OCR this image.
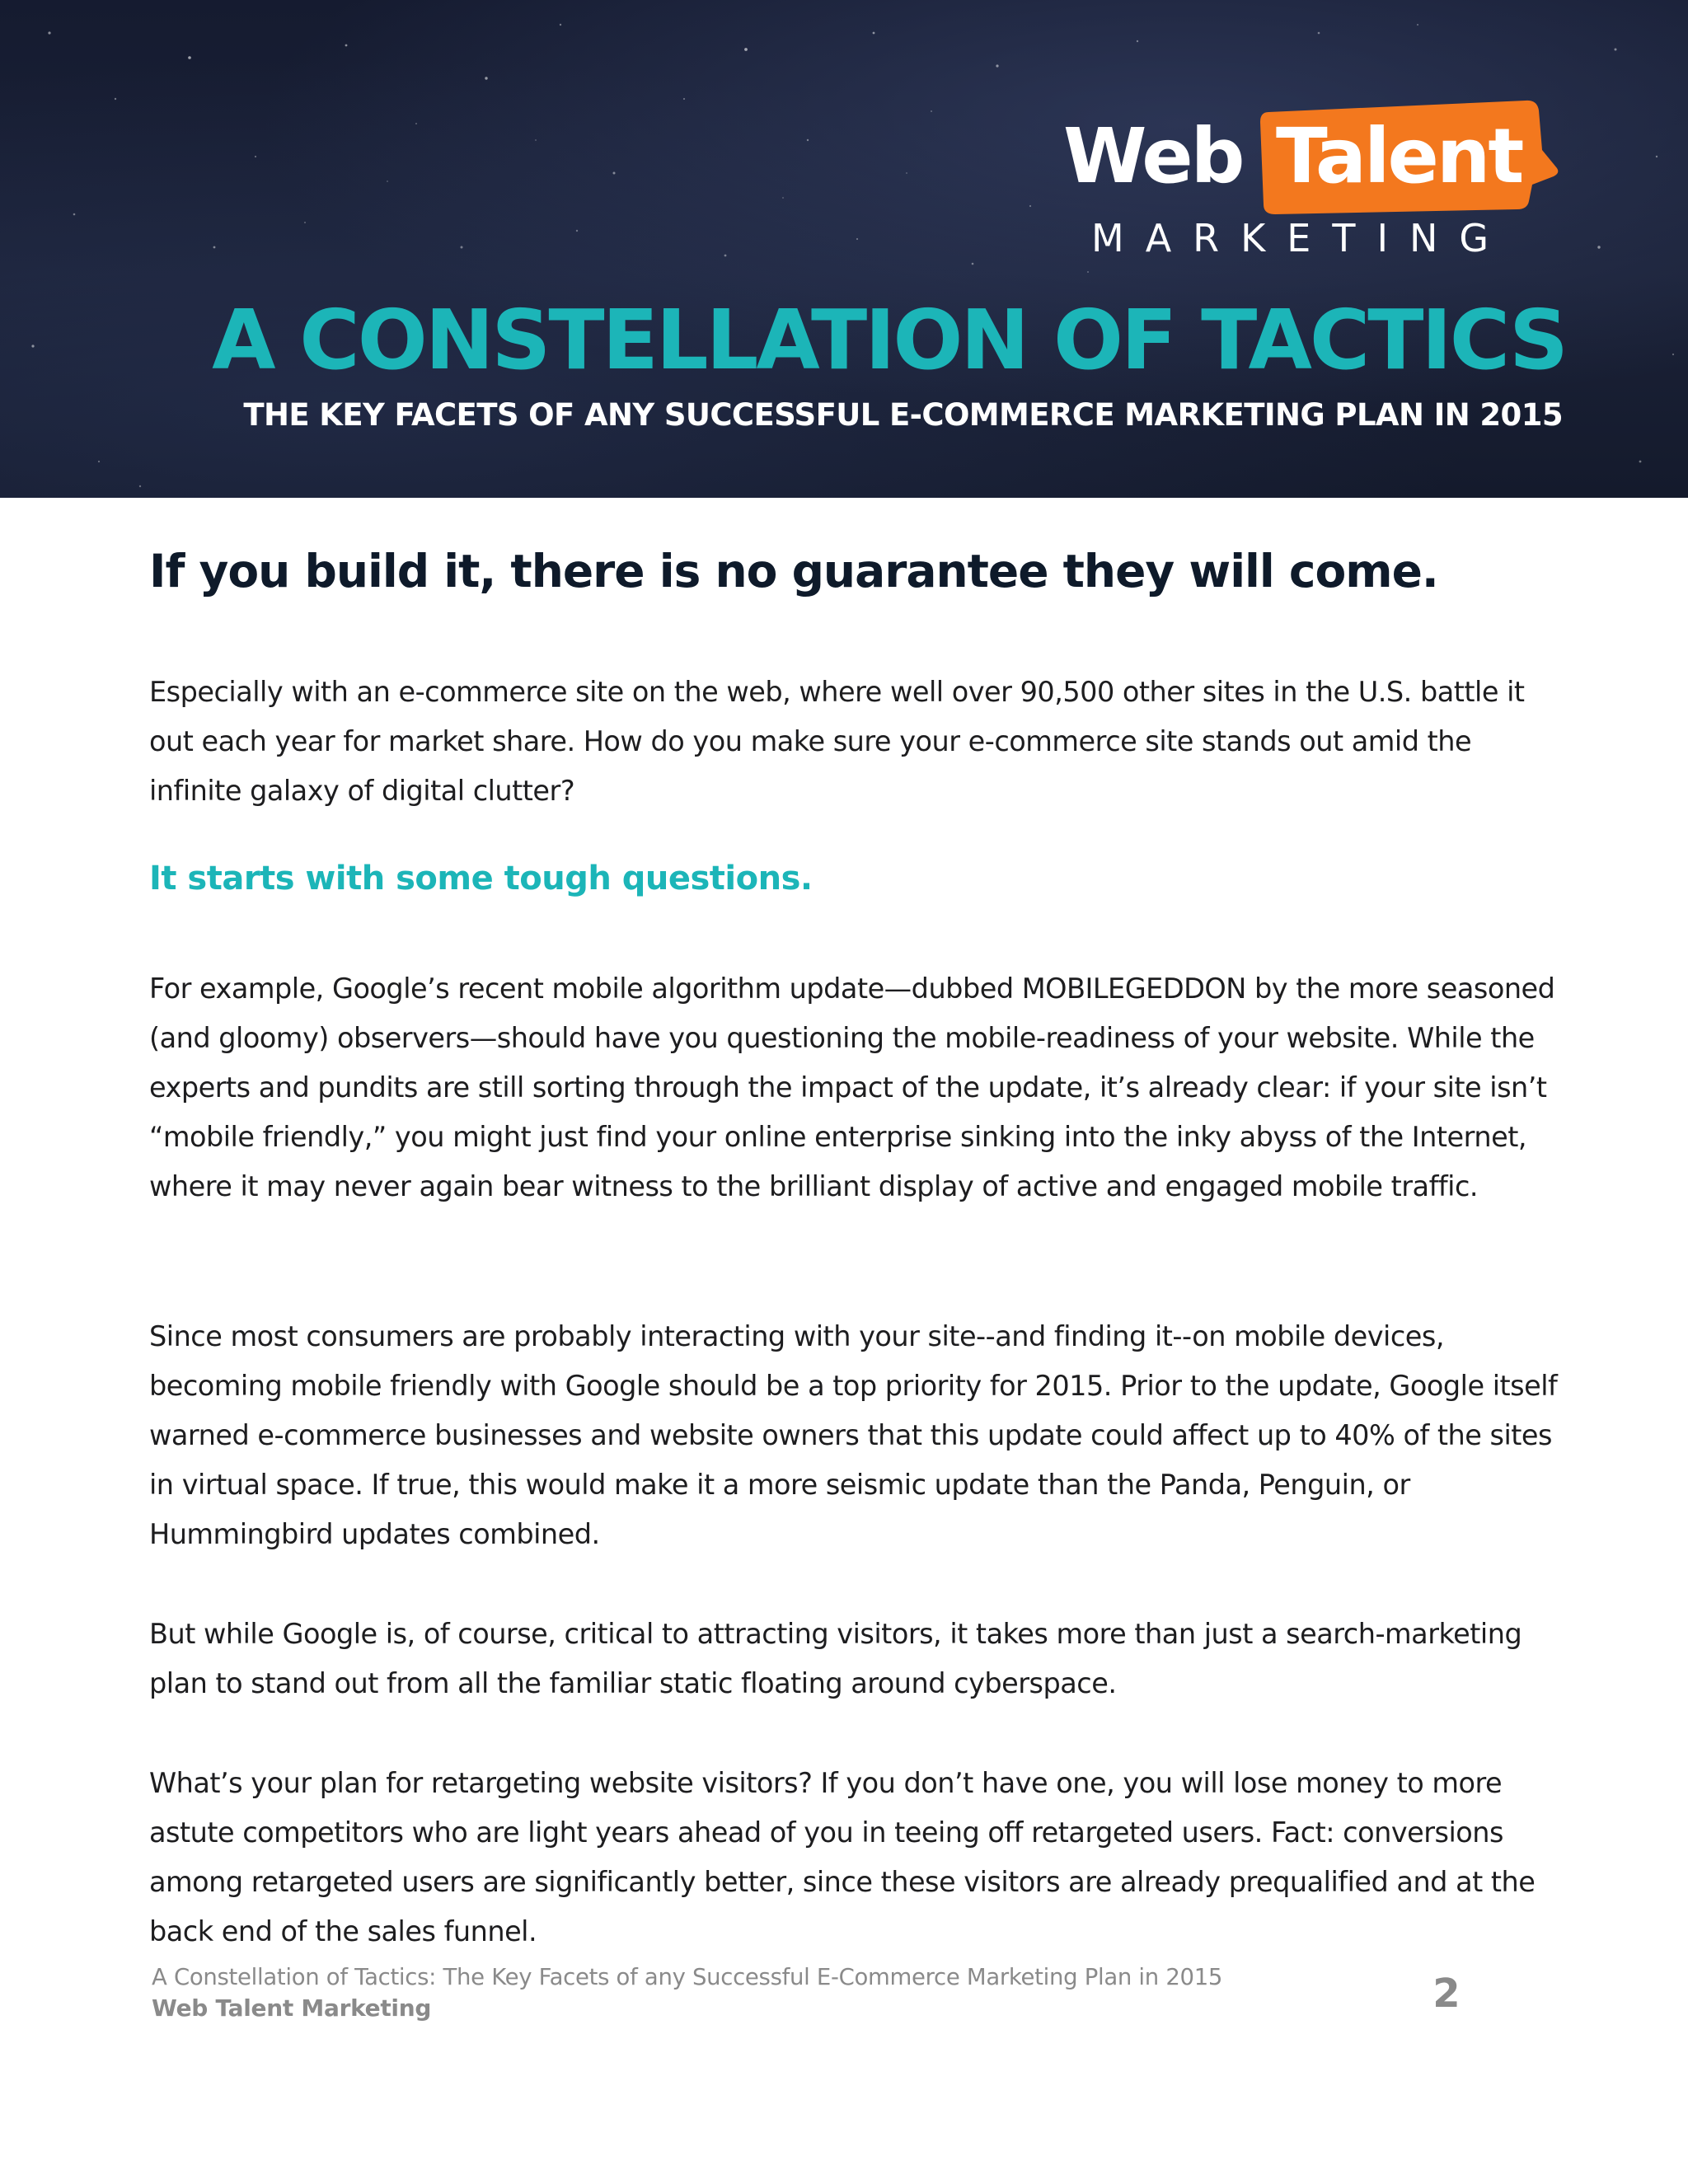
Web Talent
MARKETING
A CONSTELLATION OF TACTICS
THE KEY FACETS OF ANY SUCCESSFUL E-COMMERCE MARKETING PLAN IN 2015
If you build it, there is no guarantee they will come.

Especially with an e-commerce site on the web, where well over 90,500 other sites in the U.S. battle it out each year for market share. How do you make sure your e-commerce site stands out amid the infinite galaxy of digital clutter?

It starts with some tough questions.

For example, Google’s recent mobile algorithm update—dubbed MOBILEGEDDON by the more seasoned (and gloomy) observers—should have you questioning the mobile-readiness of your website. While the experts and pundits are still sorting through the impact of the update, it’s already clear: if your site isn’t “mobile friendly,” you might just find your online enterprise sinking into the inky abyss of the Internet, where it may never again bear witness to the brilliant display of active and engaged mobile traffic.

Since most consumers are probably interacting with your site--and finding it--on mobile devices, becoming mobile friendly with Google should be a top priority for 2015. Prior to the update, Google itself warned e-commerce businesses and website owners that this update could affect up to 40% of the sites in virtual space. If true, this would make it a more seismic update than the Panda, Penguin, or Hummingbird updates combined.

But while Google is, of course, critical to attracting visitors, it takes more than just a search-marketing plan to stand out from all the familiar static floating around cyberspace.

What’s your plan for retargeting website visitors? If you don’t have one, you will lose money to more astute competitors who are light years ahead of you in teeing off retargeted users. Fact: conversions among retargeted users are significantly better, since these visitors are already prequalified and at the back end of the sales funnel.

A Constellation of Tactics: The Key Facets of any Successful E-Commerce Marketing Plan in 2015
Web Talent Marketing	2
